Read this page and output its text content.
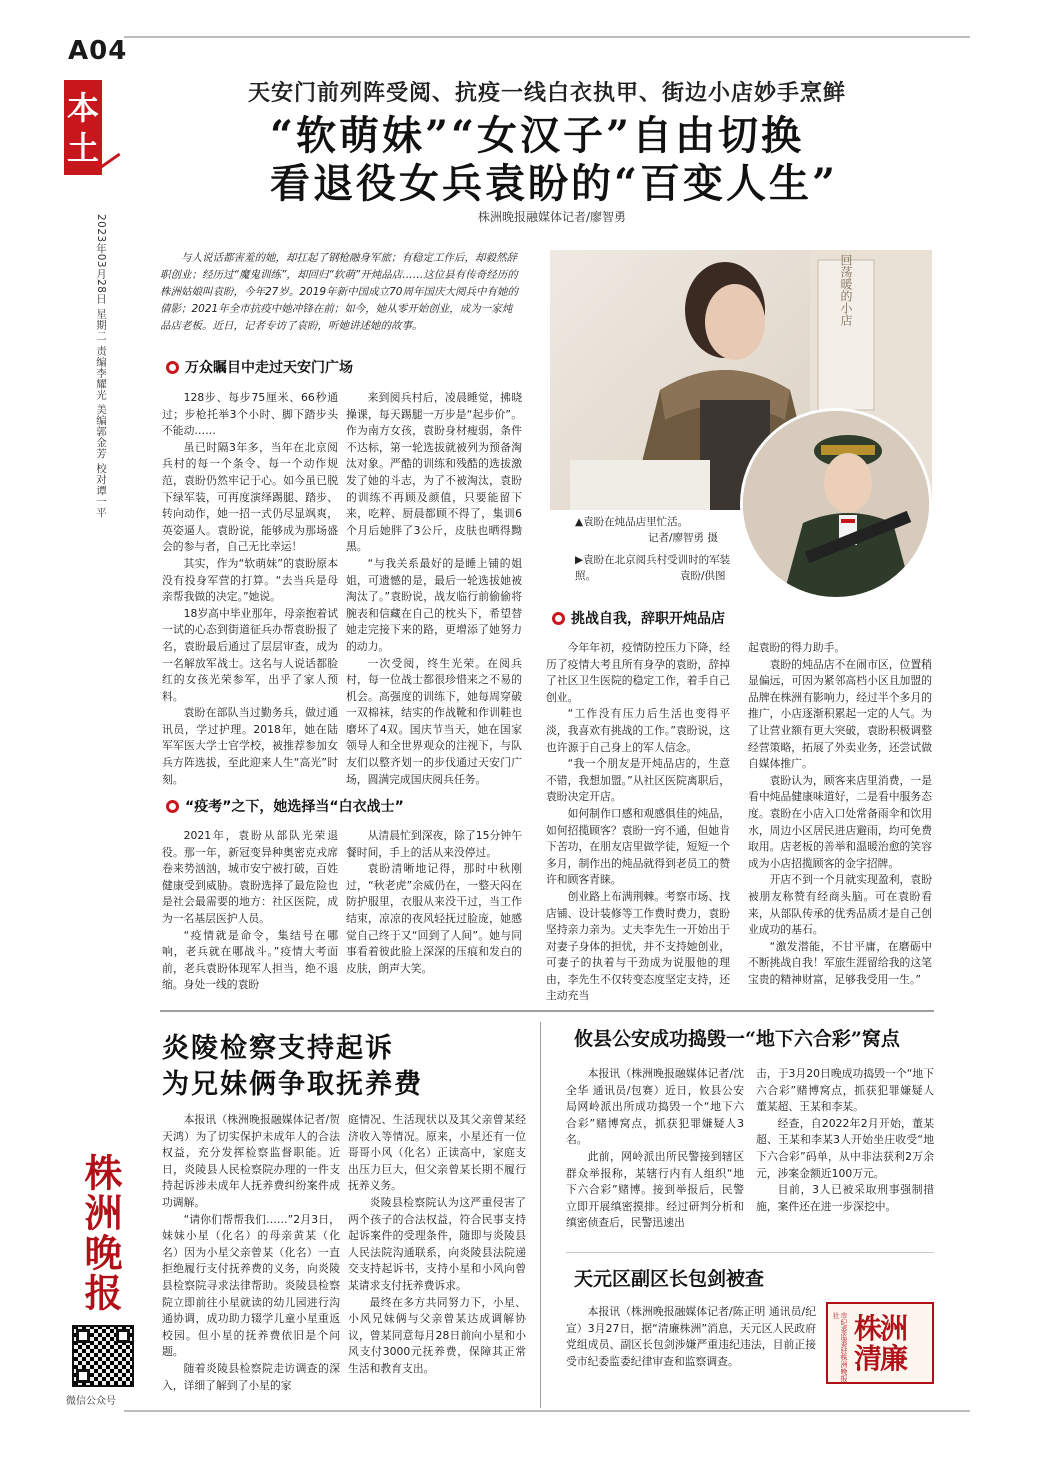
A04
本土
2023年03月28日 星期二 责编李耀光 美编郭金芳 校对谭一平
株洲晚报
微信公众号
天安门前列阵受阅、抗疫一线白衣执甲、街边小店妙手烹鲜
“软萌妹”“女汉子”自由切换
看退役女兵袁盼的“百变人生”
株洲晚报融媒体记者/廖智勇
与人说话都害羞的她，却扛起了钢枪融身军旅；有稳定工作后，却毅然辞职创业；经历过“魔鬼训练”，却回归“软萌”开炖品店……这位县有传奇经历的株洲姑娘叫袁盼，今年27岁。2019年新中国成立70周年国庆大阅兵中有她的倩影；2021年全市抗疫中她冲锋在前；如今，她从零开始创业，成为一家炖品店老板。近日，记者专访了袁盼，听她讲述她的故事。	回荡暖的小店
▲袁盼在炖品店里忙活。
记者/廖智勇 摄
▶袁盼在北京阅兵村受训时的军装照。	袁盼/供图
万众瞩目中走过天安门广场

128步、每步75厘米、66秒通过；步枪托举3个小时、脚下踏步头不能动……

虽已时隔3年多，当年在北京阅兵村的每一个条令、每一个动作规范，袁盼仍然牢记于心。如今虽已脱下绿军装，可再度演绎踢腿、踏步、转向动作，她一招一式仍尽显飒爽，英姿逼人。袁盼说，能够成为那场盛会的参与者，自己无比幸运！

其实，作为“软萌妹”的袁盼原本没有投身军营的打算。“去当兵是母亲帮我做的决定。”她说。

18岁高中毕业那年，母亲抱着试一试的心态到街道征兵办帮袁盼报了名，袁盼最后通过了层层审查，成为一名解放军战士。这名与人说话都脸红的女孩光荣参军，出乎了家人预料。

袁盼在部队当过勤务兵，做过通讯员，学过护理。2018年，她在陆军军医大学士官学校，被推荐参加女兵方阵选拔，至此迎来人生“高光”时刻。

来到阅兵村后，凌晨睡觉，拂晓操课，每天踢腿一万步是“起步价”。作为南方女孩，袁盼身材瘦弱，条件不达标，第一轮选拔就被列为预备淘汰对象。严酷的训练和残酷的选拔激发了她的斗志，为了不被淘汰，袁盼的训练不再顾及颜值，只要能留下来，吃粹、厨晨都顾不得了，集训6个月后她胖了3公斤，皮肤也晒得黝黑。

“与我关系最好的是睡上铺的姐姐，可遗憾的是，最后一轮选拔她被淘汰了。”袁盼说，战友临行前偷偷将腕表和信藏在自己的枕头下，希望替她走完接下来的路，更增添了她努力的动力。

一次受阅，终生光荣。在阅兵村，每一位战士都很珍惜来之不易的机会。高强度的训练下，她每周穿破一双棉袜，结实的作战靴和作训鞋也磨坏了4双。国庆节当天，她在国家领导人和全世界观众的注视下，与队友们以整齐划一的步伐通过天安门广场，圆满完成国庆阅兵任务。

“疫考”之下，她选择当“白衣战士”

2021年，袁盼从部队光荣退役。那一年，新冠变异种奥密克戎席卷来势汹汹，城市安宁被打破，百姓健康受到威胁。袁盼选择了最危险也是社会最需要的地方：社区医院，成为一名基层医护人员。

“疫情就是命令，集结号在哪响，老兵就在哪战斗。”疫情大考面前，老兵袁盼体现军人担当，绝不退缩。身处一线的袁盼

从清晨忙到深夜，除了15分钟午餐时间，手上的活从来没停过。

袁盼清晰地记得，那时中秋刚过，“秋老虎”余威仍在，一整天闷在防护服里，衣服从来没干过，当工作结束，凉凉的夜风轻抚过脸庞，她感觉自己终于又“回到了人间”。她与同事看着彼此脸上深深的压痕和发白的皮肤，朗声大笑。

挑战自我，辞职开炖品店

今年年初，疫情防控压力下降，经历了疫情大考且所有身孕的袁盼，辞掉了社区卫生医院的稳定工作，着手自己创业。

“工作没有压力后生活也变得平淡，我喜欢有挑战的工作。”袁盼说，这也许源于自己身上的军人信念。

“我一个朋友是开炖品店的，生意不错，我想加盟。”从社区医院离职后，袁盼决定开店。

如何制作口感和观感俱佳的炖品，如何招揽顾客？袁盼一窍不通，但她肯下苦功，在朋友店里做学徒，短短一个多月，制作出的炖品就得到老员工的赞许和顾客青睐。

创业路上布满荆棘。考察市场、找店铺、设计装修等工作费时费力，袁盼坚持亲力亲为。丈夫李先生一开始出于对妻子身体的担忧，并不支持她创业，可妻子的执着与干劲成为说服他的理由，李先生不仅转变态度坚定支持，还主动充当

起袁盼的得力助手。

袁盼的炖品店不在闹市区，位置稍显偏远，可因为紧邻高档小区且加盟的品牌在株洲有影响力，经过半个多月的推广，小店逐渐积累起一定的人气。为了让营业额有更大突破，袁盼积极调整经营策略，拓展了外卖业务，还尝试做自媒体推广。

袁盼认为，顾客来店里消费，一是看中炖品健康味道好，二是看中服务态度。袁盼在小店入口处常备雨伞和饮用水，周边小区居民进店避雨，均可免费取用。店老板的善举和温暖治愈的笑容成为小店招揽顾客的金字招牌。

开店不到一个月就实现盈利，袁盼被朋友称赞有经商头脑。可在袁盼看来，从部队传承的优秀品质才是自己创业成功的基石。

“激发潜能，不甘平庸，在磨砺中不断挑战自我！军旅生涯留给我的这笔宝贵的精神财富，足够我受用一生。”

炎陵检察支持起诉
为兄妹俩争取抚养费

本报讯（株洲晚报融媒体记者/贺天鸿）为了切实保护未成年人的合法权益，充分发挥检察监督职能。近日，炎陵县人民检察院办理的一件支持起诉涉未成年人抚养费纠纷案件成功调解。

“请你们帮帮我们……”2月3日，妹妹小星（化名）的母亲黄某（化名）因为小星父亲曾某（化名）一直拒绝履行支付抚养费的义务，向炎陵县检察院寻求法律帮助。炎陵县检察院立即前往小星就读的幼儿园进行沟通协调，成功助力辍学儿童小星重返校园。但小星的抚养费依旧是个问题。

随着炎陵县检察院走访调查的深入，详细了解到了小星的家

庭情况、生活现状以及其父亲曾某经济收入等情况。原来，小星还有一位哥哥小风（化名）正读高中，家庭支出压力巨大，但父亲曾某长期不履行抚养义务。

炎陵县检察院认为这严重侵害了两个孩子的合法权益，符合民事支持起诉案件的受理条件，随即与炎陵县人民法院沟通联系，向炎陵县法院递交支持起诉书，支持小星和小风向曾某请求支付抚养费诉求。

最终在多方共同努力下，小星、小风兄妹俩与父亲曾某达成调解协议，曾某同意每月28日前向小星和小风支付3000元抚养费，保障其正常生活和教育支出。

攸县公安成功捣毁一“地下六合彩”窝点

本报讯（株洲晚报融媒体记者/沈全华 通讯员/包赛）近日，攸县公安局网岭派出所成功捣毁一个“地下六合彩”赌博窝点，抓获犯罪嫌疑人3名。

此前，网岭派出所民警接到辖区群众举报称，某辖行内有人组织“地下六合彩”赌博。接到举报后，民警立即开展缜密摸排。经过研判分析和缜密侦查后，民警迅速出

击，于3月20日晚成功捣毁一个“地下六合彩”赌博窝点，抓获犯罪嫌疑人董某超、王某和李某。

经查，自2022年2月开始，董某超、王某和李某3人开始坐庄收受“地下六合彩”码单，从中非法获利2万余元，涉案金额近100万元。

目前，3人已被采取刑事强制措施，案件还在进一步深挖中。

天元区副区长包剑被查

本报讯（株洲晚报融媒体记者/陈正明 通讯员/纪宣）3月27日，据“清廉株洲”消息，天元区人民政府党组成员、副区长包剑涉嫌严重违纪违法，目前正接受市纪委监委纪律审查和监察调查。	市纪委监委驻株洲晚报社 株洲清廉
